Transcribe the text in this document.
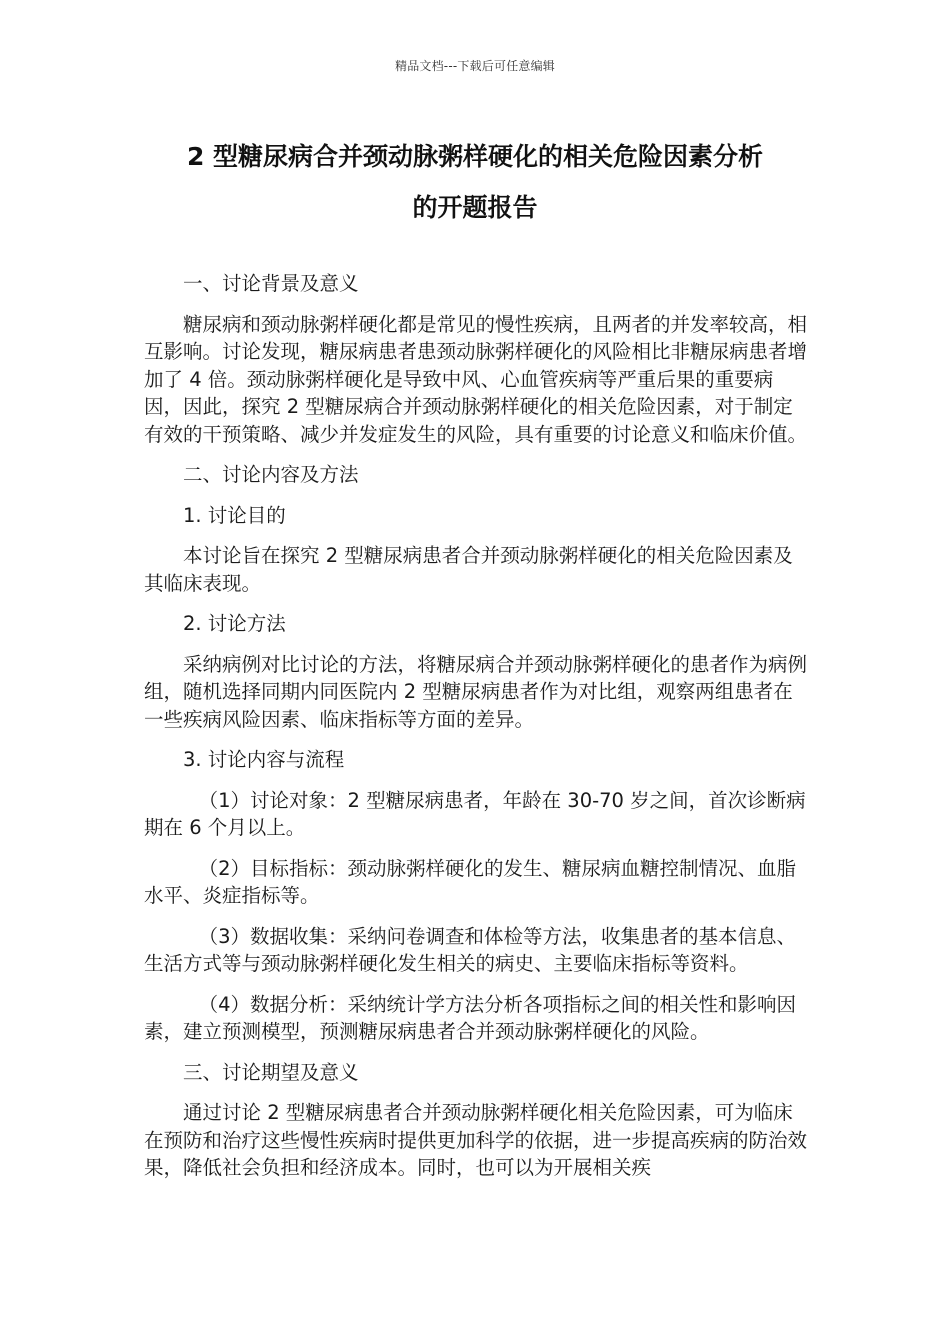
精品文档---下载后可任意编辑
2 型糖尿病合并颈动脉粥样硬化的相关危险因素分析
的开题报告

一、讨论背景及意义

糖尿病和颈动脉粥样硬化都是常见的慢性疾病，且两者的并发率较高，相互影响。讨论发现，糖尿病患者患颈动脉粥样硬化的风险相比非糖尿病患者增加了 4 倍。颈动脉粥样硬化是导致中风、心血管疾病等严重后果的重要病因，因此，探究 2 型糖尿病合并颈动脉粥样硬化的相关危险因素，对于制定有效的干预策略、减少并发症发生的风险，具有重要的讨论意义和临床价值。

二、讨论内容及方法

1. 讨论目的

本讨论旨在探究 2 型糖尿病患者合并颈动脉粥样硬化的相关危险因素及其临床表现。

2. 讨论方法

采纳病例对比讨论的方法，将糖尿病合并颈动脉粥样硬化的患者作为病例组，随机选择同期内同医院内 2 型糖尿病患者作为对比组，观察两组患者在一些疾病风险因素、临床指标等方面的差异。

3. 讨论内容与流程

（1）讨论对象：2 型糖尿病患者，年龄在 30-70 岁之间，首次诊断病期在 6 个月以上。

（2）目标指标：颈动脉粥样硬化的发生、糖尿病血糖控制情况、血脂水平、炎症指标等。

（3）数据收集：采纳问卷调查和体检等方法，收集患者的基本信息、生活方式等与颈动脉粥样硬化发生相关的病史、主要临床指标等资料。

（4）数据分析：采纳统计学方法分析各项指标之间的相关性和影响因素，建立预测模型，预测糖尿病患者合并颈动脉粥样硬化的风险。

三、讨论期望及意义

通过讨论 2 型糖尿病患者合并颈动脉粥样硬化相关危险因素，可为临床在预防和治疗这些慢性疾病时提供更加科学的依据，进一步提高疾病的防治效果，降低社会负担和经济成本。同时，也可以为开展相关疾
